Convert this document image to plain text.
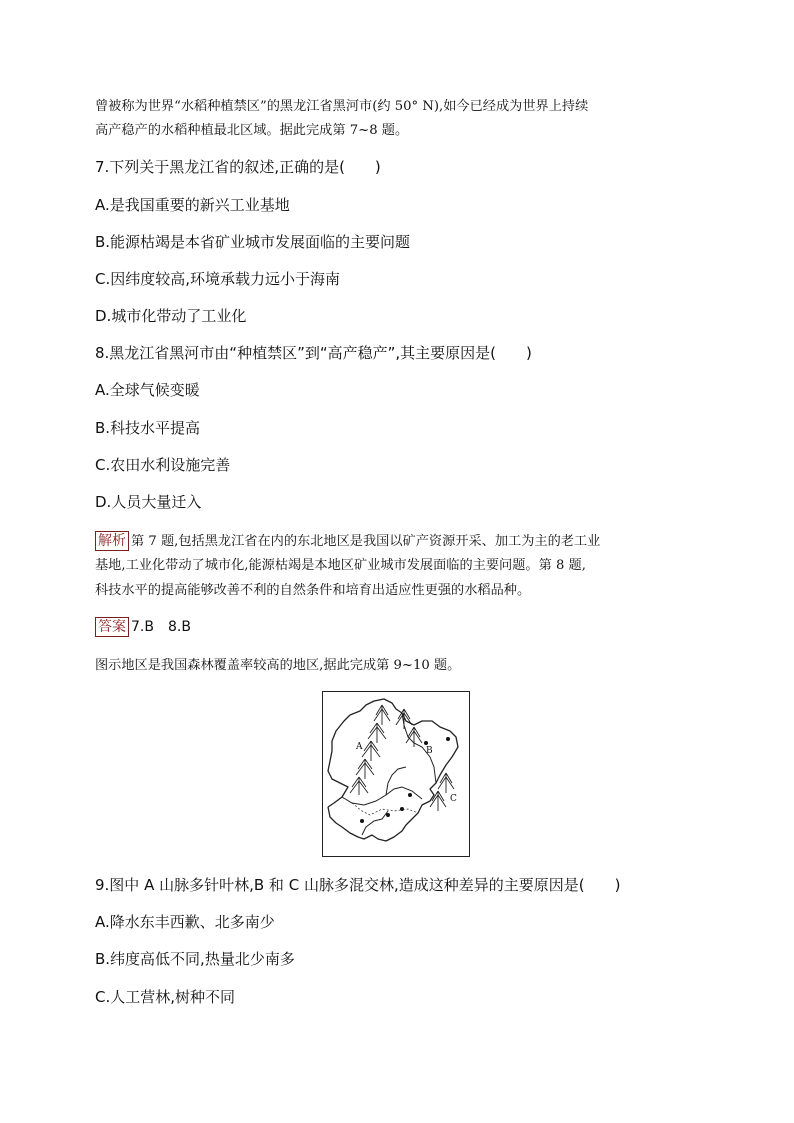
曾被称为世界“水稻种植禁区”的黑龙江省黑河市(约 50° N),如今已经成为世界上持续
高产稳产的水稻种植最北区域。据此完成第 7~8 题。
7.下列关于黑龙江省的叙述,正确的是(　　)
A.是我国重要的新兴工业基地
B.能源枯竭是本省矿业城市发展面临的主要问题
C.因纬度较高,环境承载力远小于海南
D.城市化带动了工业化
8.黑龙江省黑河市由“种植禁区”到“高产稳产”,其主要原因是(　　)
A.全球气候变暖
B.科技水平提高
C.农田水利设施完善
D.人员大量迁入
解析 第 7 题,包括黑龙江省在内的东北地区是我国以矿产资源开采、加工为主的老工业
基地,工业化带动了城市化,能源枯竭是本地区矿业城市发展面临的主要问题。第 8 题,
科技水平的提高能够改善不利的自然条件和培育出适应性更强的水稻品种。
答案 7.B　8.B
图示地区是我国森林覆盖率较高的地区,据此完成第 9~10 题。
A	B
C
9.图中 A 山脉多针叶林,B 和 C 山脉多混交林,造成这种差异的主要原因是(　　)
A.降水东丰西歉、北多南少
B.纬度高低不同,热量北少南多
C.人工营林,树种不同
